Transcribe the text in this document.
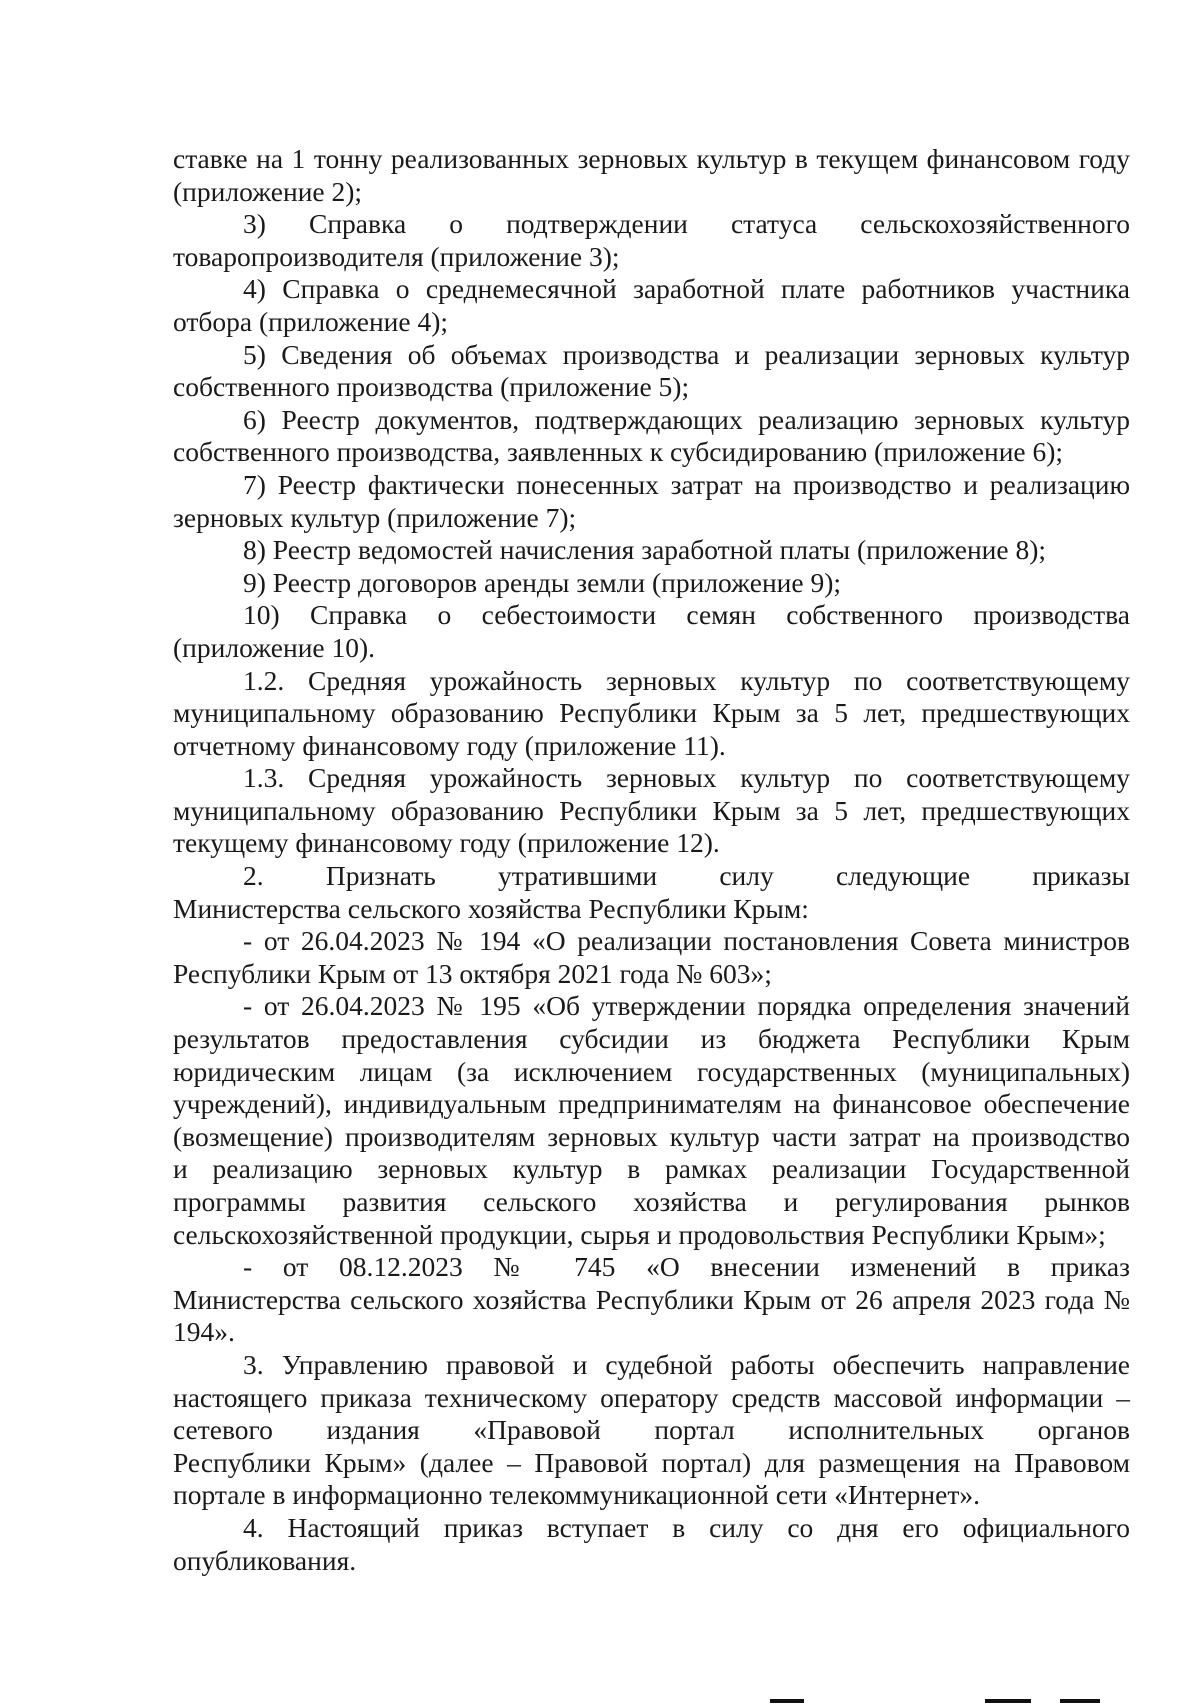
ставке на 1 тонну реализованных зерновых культур в текущем финансовом году
(приложение 2);
3) Справка о подтверждении статуса сельскохозяйственного
товаропроизводителя (приложение 3);
4) Справка о среднемесячной заработной плате работников участника
отбора (приложение 4);
5) Сведения об объемах производства и реализации зерновых культур
собственного производства (приложение 5);
6) Реестр документов, подтверждающих реализацию зерновых культур
собственного производства, заявленных к субсидированию (приложение 6);
7) Реестр фактически понесенных затрат на производство и реализацию
зерновых культур (приложение 7);
8) Реестр ведомостей начисления заработной платы (приложение 8);
9) Реестр договоров аренды земли (приложение 9);
10) Справка о себестоимости семян собственного производства
(приложение 10).
1.2. Средняя урожайность зерновых культур по соответствующему
муниципальному образованию Республики Крым за 5 лет, предшествующих
отчетному финансовому году (приложение 11).
1.3. Средняя урожайность зерновых культур по соответствующему
муниципальному образованию Республики Крым за 5 лет, предшествующих
текущему финансовому году (приложение 12).
2. Признать утратившими силу следующие приказы
Министерства сельского хозяйства Республики Крым:
- от 26.04.2023 № 194 «О реализации постановления Совета министров
Республики Крым от 13 октября 2021 года № 603»;
- от 26.04.2023 № 195 «Об утверждении порядка определения значений
результатов предоставления субсидии из бюджета Республики Крым
юридическим лицам (за исключением государственных (муниципальных)
учреждений), индивидуальным предпринимателям на финансовое обеспечение
(возмещение) производителям зерновых культур части затрат на производство
и реализацию зерновых культур в рамках реализации Государственной
программы развития сельского хозяйства и регулирования рынков
сельскохозяйственной продукции, сырья и продовольствия Республики Крым»;
- от 08.12.2023 № 745 «О внесении изменений в приказ
Министерства сельского хозяйства Республики Крым от 26 апреля 2023 года №
194».
3. Управлению правовой и судебной работы обеспечить направление
настоящего приказа техническому оператору средств массовой информации –
сетевого издания «Правовой портал исполнительных органов
Республики Крым» (далее – Правовой портал) для размещения на Правовом
портале в информационно телекоммуникационной сети «Интернет».
4. Настоящий приказ вступает в силу со дня его официального
опубликования.
